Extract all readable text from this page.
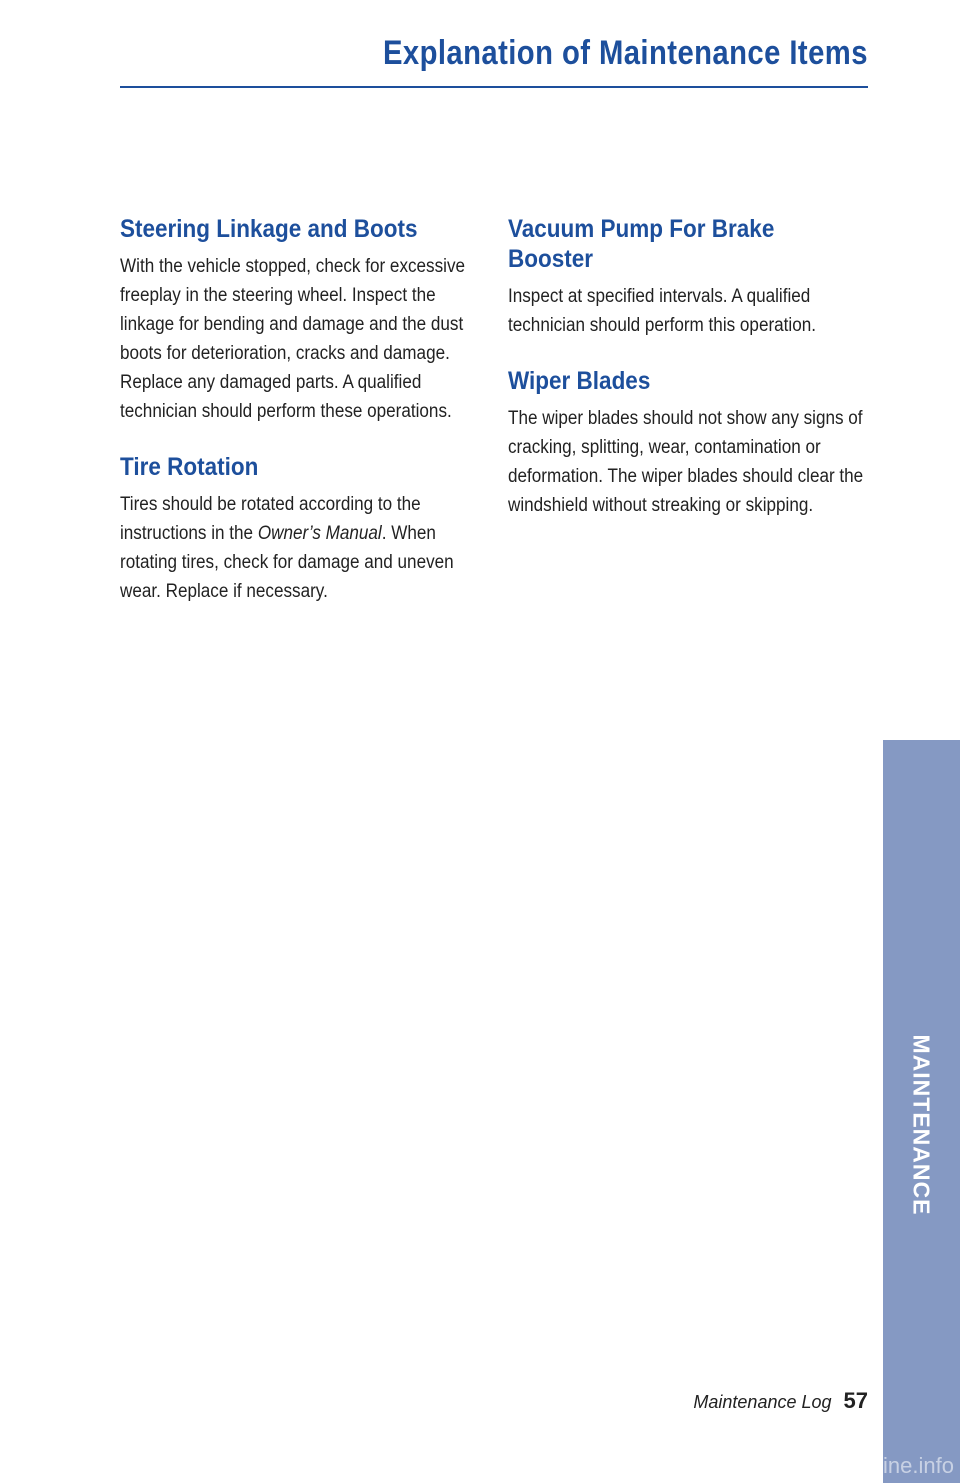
Explanation of Maintenance Items
Steering Linkage and Boots

With the vehicle stopped, check for excessive freeplay in the steering wheel. Inspect the linkage for bending and damage and the dust boots for deterioration, cracks and damage. Replace any damaged parts. A qualified technician should perform these operations.

Tire Rotation

Tires should be rotated according to the instructions in the Owner’s Manual. When rotating tires, check for damage and uneven wear. Replace if necessary.

Vacuum Pump For Brake
Booster

Inspect at specified intervals. A qualified technician should perform this operation.

Wiper Blades

The wiper blades should not show any signs of cracking, splitting, wear, contamination or deformation. The wiper blades should clear the windshield without streaking or skipping.

MAINTENANCE
carmanualsonline.info
Maintenance Log 57
